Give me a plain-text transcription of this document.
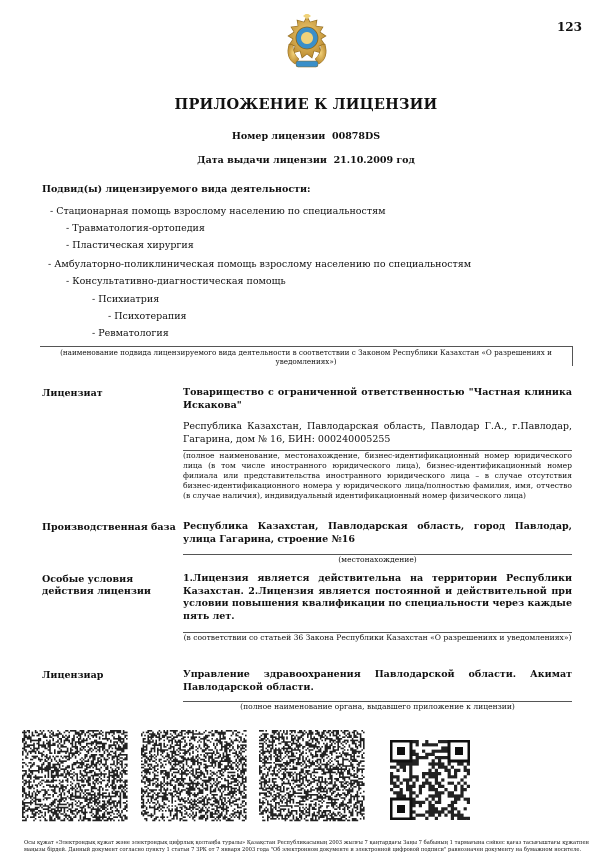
123
ПРИЛОЖЕНИЕ К ЛИЦЕНЗИИ
Номер лицензии 00878DS
Дата выдачи лицензии 21.10.2009 год
Подвид(ы) лицензируемого вида деятельности:
- Стационарная помощь взрослому населению по специальностям
- Травматология-ортопедия
- Пластическая хирургия
- Амбулаторно-поликлиническая помощь взрослому населению по специальностям
- Консультативно-диагностическая помощь
- Психиатрия
- Психотерапия
- Ревматология
(наименование подвида лицензируемого вида деятельности в соответствии с Законом Республики Казахстан «О разрешениях и уведомлениях»)
Лицензиат	Товарищество с ограниченной ответственностью "Частная клиника Искакова"
Республика Казахстан, Павлодарская область, Павлодар Г.А., г.Павлодар, Гагарина, дом № 16, БИН: 000240005255
(полное наименование, местонахождение, бизнес-идентификационный номер юридического лица (в том числе иностранного юридического лица), бизнес-идентификационный номер филиала или представительства иностранного юридического лица – в случае отсутствия бизнес-идентификационного номера у юридического лица/полностью фамилия, имя, отчество (в случае наличия), индивидуальный идентификационный номер физического лица)
Производственная база Республика Казахстан, Павлодарская область, город Павлодар, улица Гагарина, строение №16
(местонахождение)
Особые условия
действия лицензии
1.Лицензия является действительна на территории Республики Казахстан. 2.Лицензия является постоянной и действительной при условии повышения квалификации по специальности через каждые пять лет.
(в соответствии со статьей 36 Закона Республики Казахстан «О разрешениях и уведомлениях»)
Лицензиар	Управление здравоохранения Павлодарской области. Акимат Павлодарской области.
(полное наименование органа, выдавшего приложение к лицензии)
Осы құжат «Электрондық құжат және электрондық цифрлық қолтаңба туралы» Қазақстан Республикасының 2003 жылғы 7 қаңтардағы Заңы 7 бабының 1 тармағына сәйкес қағаз тасығыштағы құжатпен маңызы бірдей. Данный документ согласно пункту 1 статьи 7 ЗРК от 7 января 2003 года "Об электронном документе и электронной цифровой подписи" равнозначен документу на бумажном носителе.
